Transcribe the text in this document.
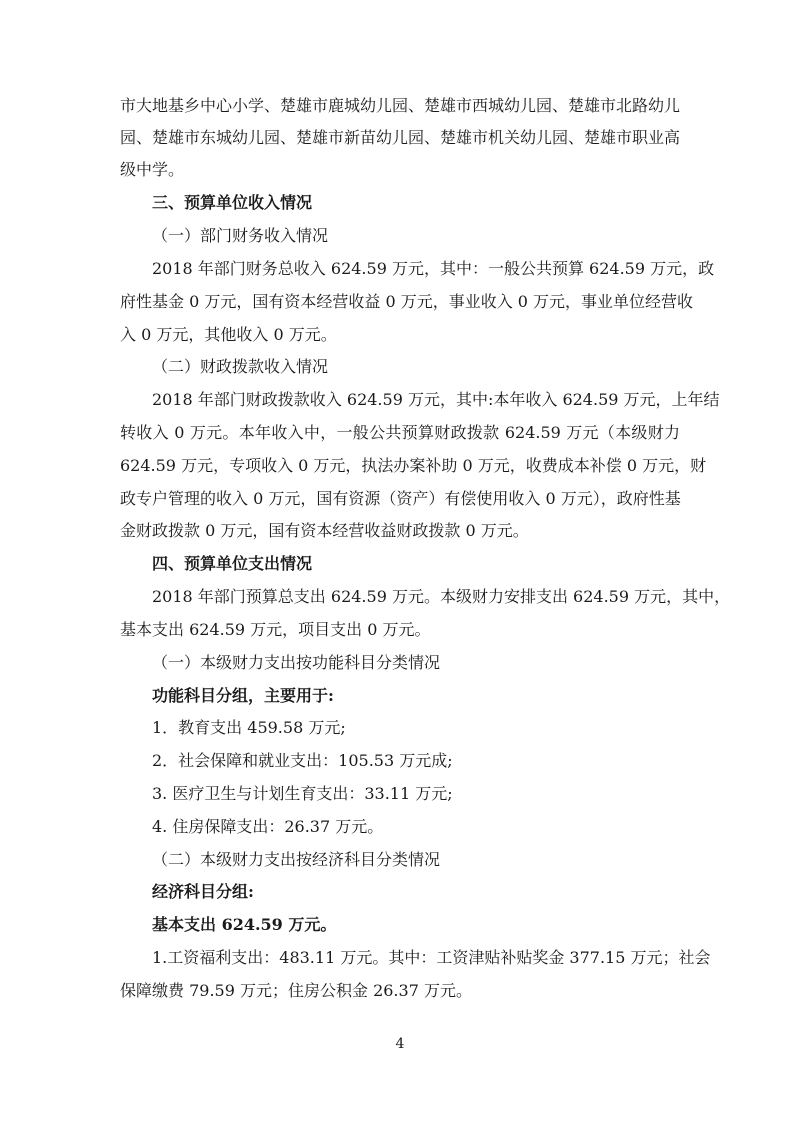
市大地基乡中心小学、楚雄市鹿城幼儿园、楚雄市西城幼儿园、楚雄市北路幼儿
园、楚雄市东城幼儿园、楚雄市新苗幼儿园、楚雄市机关幼儿园、楚雄市职业高
级中学。
三、预算单位收入情况
（一）部门财务收入情况
2018 年部门财务总收入 624.59 万元，其中：一般公共预算 624.59 万元，政
府性基金 0 万元，国有资本经营收益 0 万元，事业收入 0 万元，事业单位经营收
入 0 万元，其他收入 0 万元。
（二）财政拨款收入情况
2018 年部门财政拨款收入 624.59 万元，其中:本年收入 624.59 万元，上年结
转收入 0 万元。本年收入中，一般公共预算财政拨款 624.59 万元（本级财力
624.59 万元，专项收入 0 万元，执法办案补助 0 万元，收费成本补偿 0 万元，财
政专户管理的收入 0 万元，国有资源（资产）有偿使用收入 0 万元），政府性基
金财政拨款 0 万元，国有资本经营收益财政拨款 0 万元。
四、预算单位支出情况
2018 年部门预算总支出 624.59 万元。本级财力安排支出 624.59 万元，其中，
基本支出 624.59 万元，项目支出 0 万元。
（一）本级财力支出按功能科目分类情况
功能科目分组，主要用于:
1．教育支出 459.58 万元;
2．社会保障和就业支出：105.53 万元成;
3. 医疗卫生与计划生育支出：33.11 万元;
4. 住房保障支出：26.37 万元。
（二）本级财力支出按经济科目分类情况
经济科目分组:
基本支出 624.59 万元。
1.工资福利支出：483.11 万元。其中：工资津贴补贴奖金 377.15 万元；社会
保障缴费 79.59 万元；住房公积金 26.37 万元。
4
